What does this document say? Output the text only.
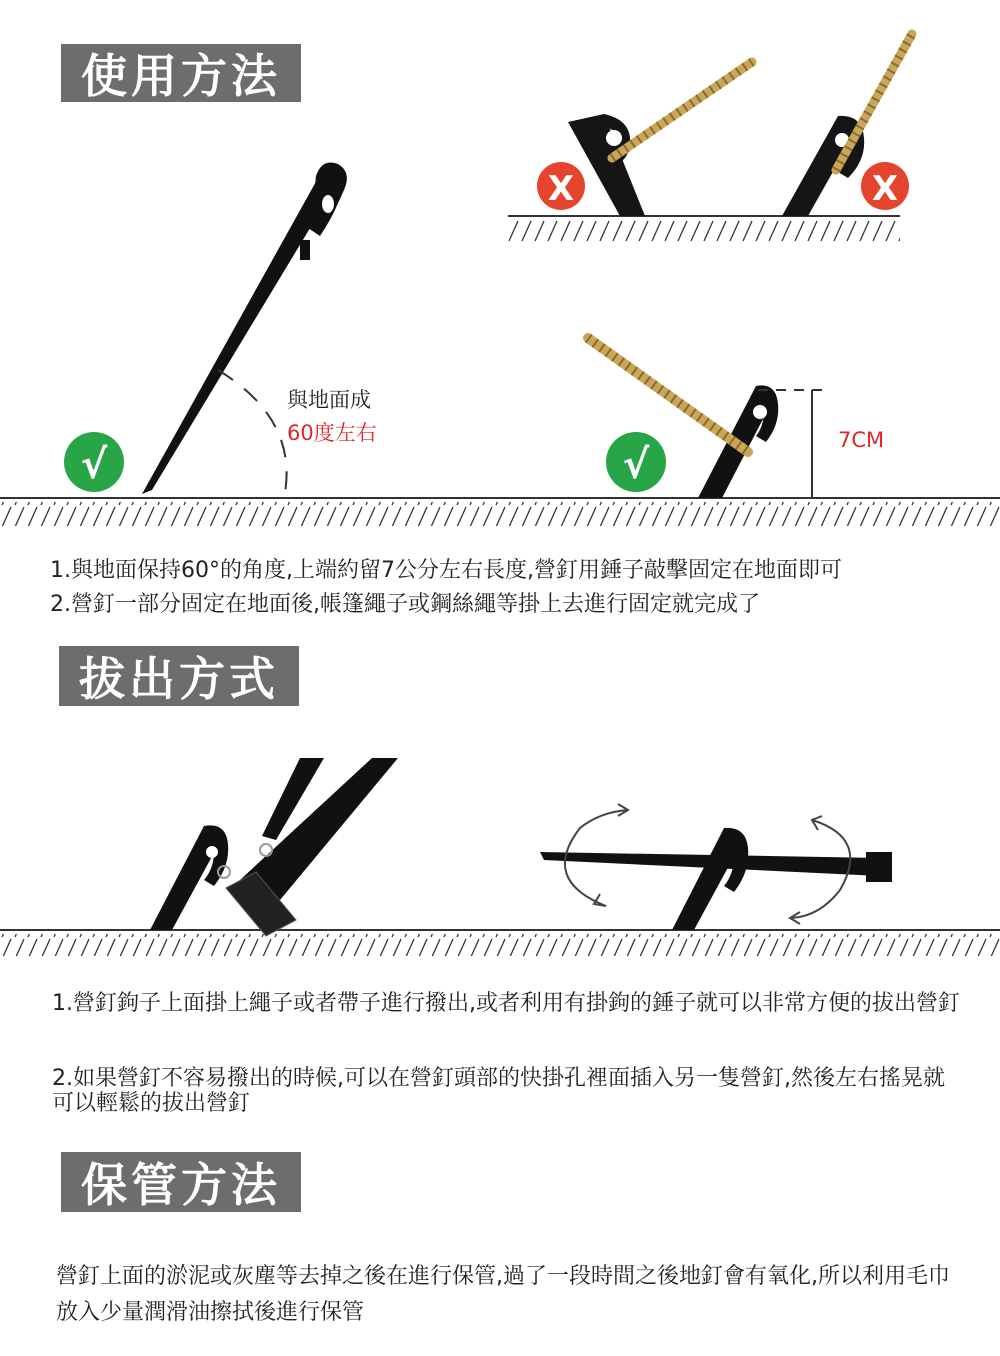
使用方法
X	X
√	√
與地面成
60度左右	7CM
1.與地面保持60°的角度,上端約留7公分左右長度,營釘用錘子敲擊固定在地面即可
2.營釘一部分固定在地面後,帳篷繩子或鋼絲繩等掛上去進行固定就完成了
拔出方式
1.營釘鉤子上面掛上繩子或者帶子進行撥出,或者利用有掛鉤的錘子就可以非常方便的拔出營釘
2.如果營釘不容易撥出的時候,可以在營釘頭部的快掛孔裡面插入另一隻營釘,然後左右搖晃就可以輕鬆的拔出營釘
保管方法
營釘上面的淤泥或灰塵等去掉之後在進行保管,過了一段時間之後地釘會有氧化,所以利用毛巾放入少量潤滑油擦拭後進行保管
